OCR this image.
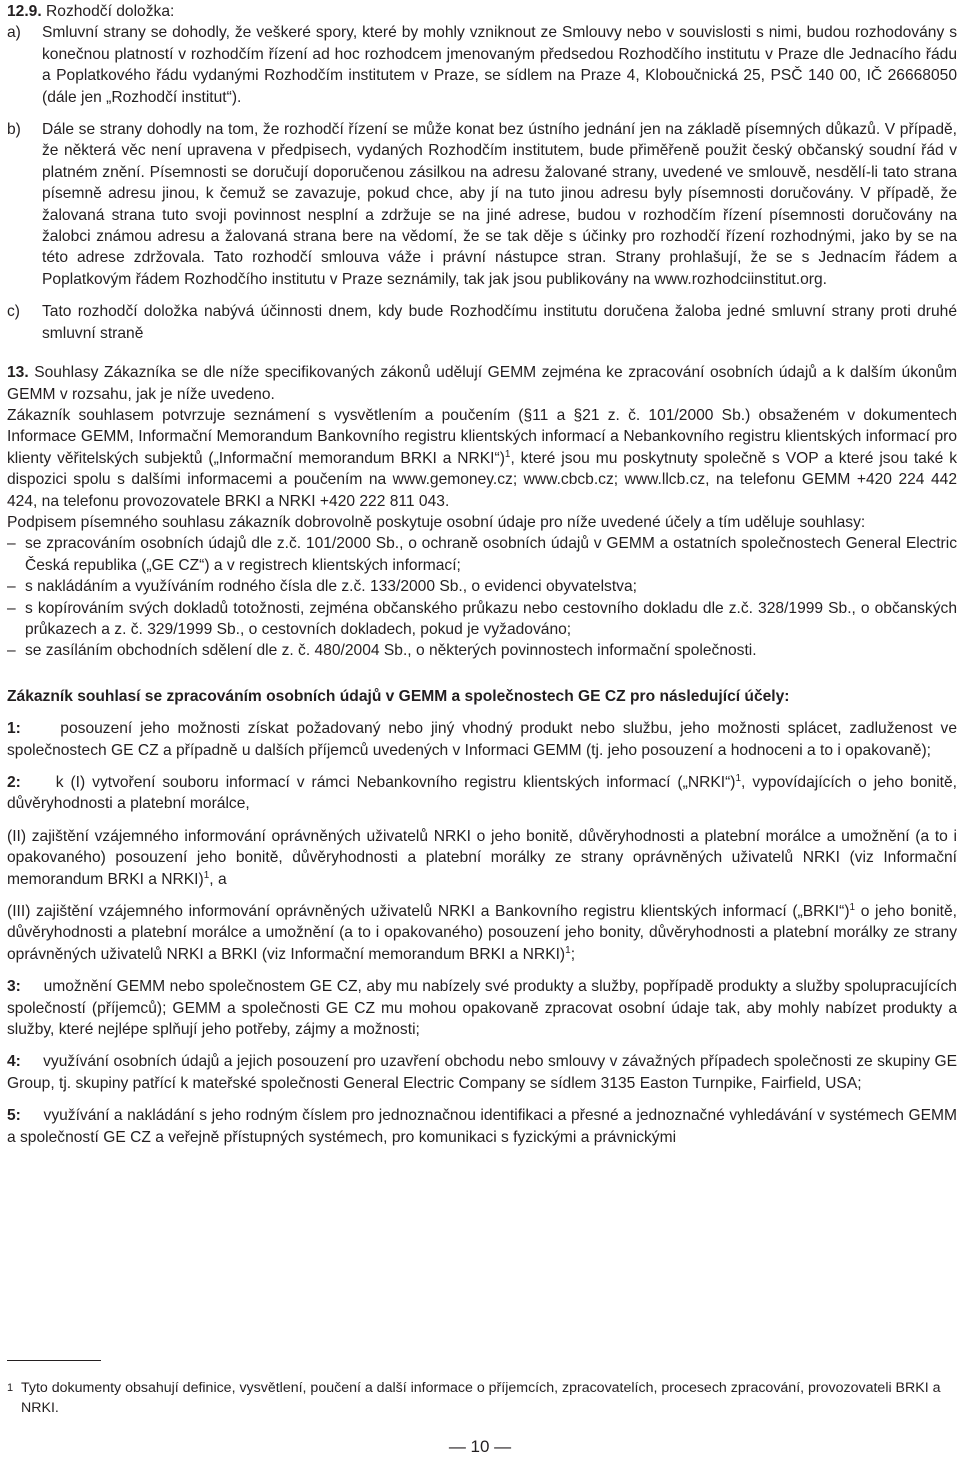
12.9. Rozhodčí doložka:

a)	Smluvní strany se dohodly, že veškeré spory, které by mohly vzniknout ze Smlouvy nebo v souvislosti s nimi, budou rozhodovány s konečnou platností v rozhodčím řízení ad hoc rozhodcem jmenovaným předsedou Rozhodčího institutu v Praze dle Jednacího řádu a Poplatkového řádu vydanými Rozhodčím institutem v Praze, se sídlem na Praze 4, Kloboučnická 25, PSČ 140 00, IČ 26668050 (dále jen „Rozhodčí institut“).
b)	Dále se strany dohodly na tom, že rozhodčí řízení se může konat bez ústního jednání jen na základě písemných důkazů. V případě, že některá věc není upravena v předpisech, vydaných Rozhodčím institutem, bude přiměřeně použit český občanský soudní řád v platném znění. Písemnosti se doručují doporučenou zásilkou na adresu žalované strany, uvedené ve smlouvě, nesdělí-li tato strana písemně adresu jinou, k čemuž se zavazuje, pokud chce, aby jí na tuto jinou adresu byly písemnosti doručovány. V případě, že žalovaná strana tuto svoji povinnost nesplní a zdržuje se na jiné adrese, budou v rozhodčím řízení písemnosti doručovány na žalobci známou adresu a žalovaná strana bere na vědomí, že se tak děje s účinky pro rozhodčí řízení rozhodnými, jako by se na této adrese zdržovala. Tato rozhodčí smlouva váže i právní nástupce stran. Strany prohlašují, že se s Jednacím řádem a Poplatkovým řádem Rozhodčího institutu v Praze seznámily, tak jak jsou publikovány na www.rozhodciinstitut.org.
c)	Tato rozhodčí doložka nabývá účinnosti dnem, kdy bude Rozhodčímu institutu doručena žaloba jedné smluvní strany proti druhé smluvní straně

13. Souhlasy Zákazníka se dle níže specifikovaných zákonů udělují GEMM zejména ke zpracování osobních údajů a k dalším úkonům GEMM v rozsahu, jak je níže uvedeno.

Zákazník souhlasem potvrzuje seznámení s vysvětlením a poučením (§11 a §21 z. č. 101/2000 Sb.) obsaženém v dokumentech Informace GEMM, Informační Memorandum Bankovního registru klientských informací a Nebankovního registru klientských informací pro klienty věřitelských subjektů („Informační memorandum BRKI a NRKI“)$^1$, které jsou mu poskytnuty společně s VOP a které jsou také k dispozici spolu s dalšími informacemi a poučením na www.gemoney.cz; www.cbcb.cz; www.llcb.cz, na telefonu GEMM +420 224 442 424, na telefonu provozovatele BRKI a NRKI +420 222 811 043.

Podpisem písemného souhlasu zákazník dobrovolně poskytuje osobní údaje pro níže uvedené účely a tím uděluje souhlasy:

– se zpracováním osobních údajů dle z.č. 101/2000 Sb., o ochraně osobních údajů v GEMM a ostatních společnostech General Electric Česká republika („GE CZ“) a v registrech klientských informací;
– s nakládáním a využíváním rodného čísla dle z.č. 133/2000 Sb., o evidenci obyvatelstva;
– s kopírováním svých dokladů totožnosti, zejména občanského průkazu nebo cestovního dokladu dle z.č. 328/1999 Sb., o občanských průkazech a z. č. 329/1999 Sb., o cestovních dokladech, pokud je vyžadováno;
– se zasíláním obchodních sdělení dle z. č. 480/2004 Sb., o některých povinnostech informační společnosti.

Zákazník souhlasí se zpracováním osobních údajů v GEMM a společnostech GE CZ pro následující účely:

1:	posouzení jeho možnosti získat požadovaný nebo jiný vhodný produkt nebo službu, jeho možnosti splácet, zadluženost ve společnostech GE CZ a případně u dalších příjemců uvedených v Informaci GEMM (tj. jeho posouzení a hodnoceni a to i opakovaně);

2: k (I) vytvoření souboru informací v rámci Nebankovního registru klientských informací („NRKI“)$^1$, vypovídajících o jeho bonitě, důvěryhodnosti a platební morálce,

(II) zajištění vzájemného informování oprávněných uživatelů NRKI o jeho bonitě, důvěryhodnosti a platební morálce a umožnění (a to i opakovaného) posouzení jeho bonitě, důvěryhodnosti a platební morálky ze strany oprávněných uživatelů NRKI (viz Informační memorandum BRKI a NRKI)$^1$, a

(III) zajištění vzájemného informování oprávněných uživatelů NRKI a Bankovního registru klientských informací („BRKI“)$^1$ o jeho bonitě, důvěryhodnosti a platební morálce a umožnění (a to i opakovaného) posouzení jeho bonity, důvěryhodnosti a platební morálky ze strany oprávněných uživatelů NRKI a BRKI (viz Informační memorandum BRKI a NRKI)$^1$;

3: umožnění GEMM nebo společnostem GE CZ, aby mu nabízely své produkty a služby, popřípadě produkty a služby spolupracujících společností (příjemců); GEMM a společnosti GE CZ mu mohou opakovaně zpracovat osobní údaje tak, aby mohly nabízet produkty a služby, které nejlépe splňují jeho potřeby, zájmy a možnosti;

4: využívání osobních údajů a jejich posouzení pro uzavření obchodu nebo smlouvy v závažných případech společnosti ze skupiny GE Group, tj. skupiny patřící k mateřské společnosti General Electric Company se sídlem 3135 Easton Turnpike, Fairfield, USA;

5: využívání a nakládání s jeho rodným číslem pro jednoznačnou identifikaci a přesné a jednoznačné vyhledávání v systémech GEMM a společností GE CZ a veřejně přístupných systémech, pro komunikaci s fyzickými a právnickými

1 Tyto dokumenty obsahují definice, vysvětlení, poučení a další informace o příjemcích, zpracovatelích, procesech zpracování, provozovateli BRKI a NRKI.
— 10 —
